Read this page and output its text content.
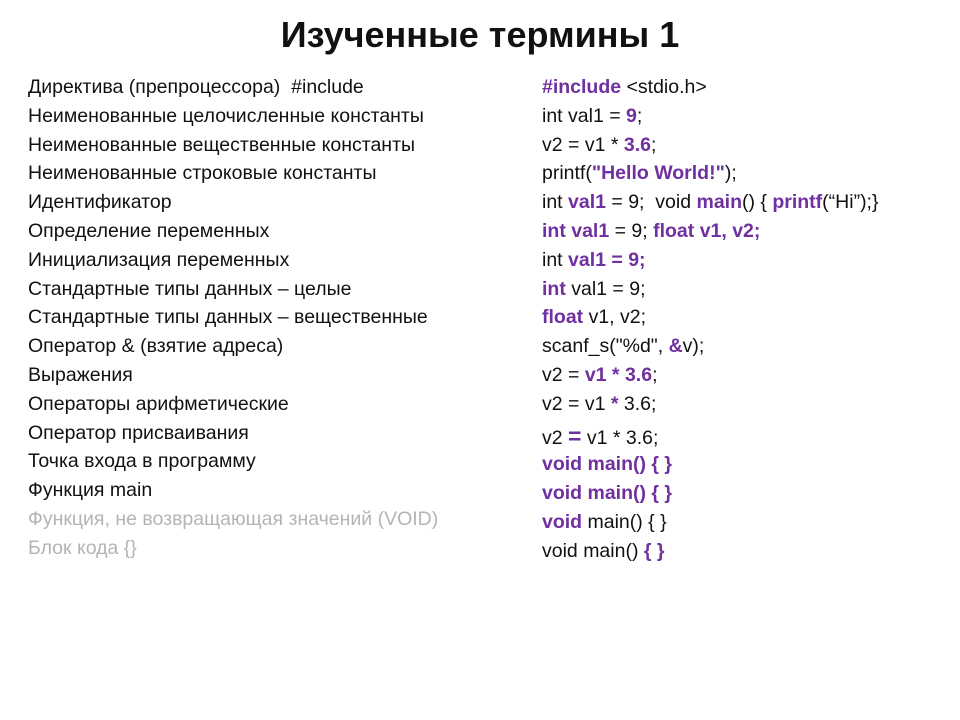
Изученные термины 1
Директива (препроцессора)  #include
Неименованные целочисленные константы
Неименованные вещественные константы
Неименованные строковые константы
Идентификатор
Определение переменных
Инициализация переменных
Стандартные типы данных – целые
Стандартные типы данных – вещественные
Оператор & (взятие адреса)
Выражения
Операторы арифметические
Оператор присваивания
Точка входа в программу
Функция main
Функция, не возвращающая значений (VOID)
Блок кода {}
#include <stdio.h>
int val1 = 9;
v2 = v1 * 3.6;
printf("Hello World!");
int val1 = 9;  void main() { printf(“Hi”);}
int val1 = 9; float v1, v2;
int val1 = 9;
int val1 = 9;
float v1, v2;
scanf_s("%d", &v);
v2 = v1 * 3.6;
v2 = v1 * 3.6;
v2 = v1 * 3.6;
void main() { }
void main() { }
void main() { }
void main() { }
